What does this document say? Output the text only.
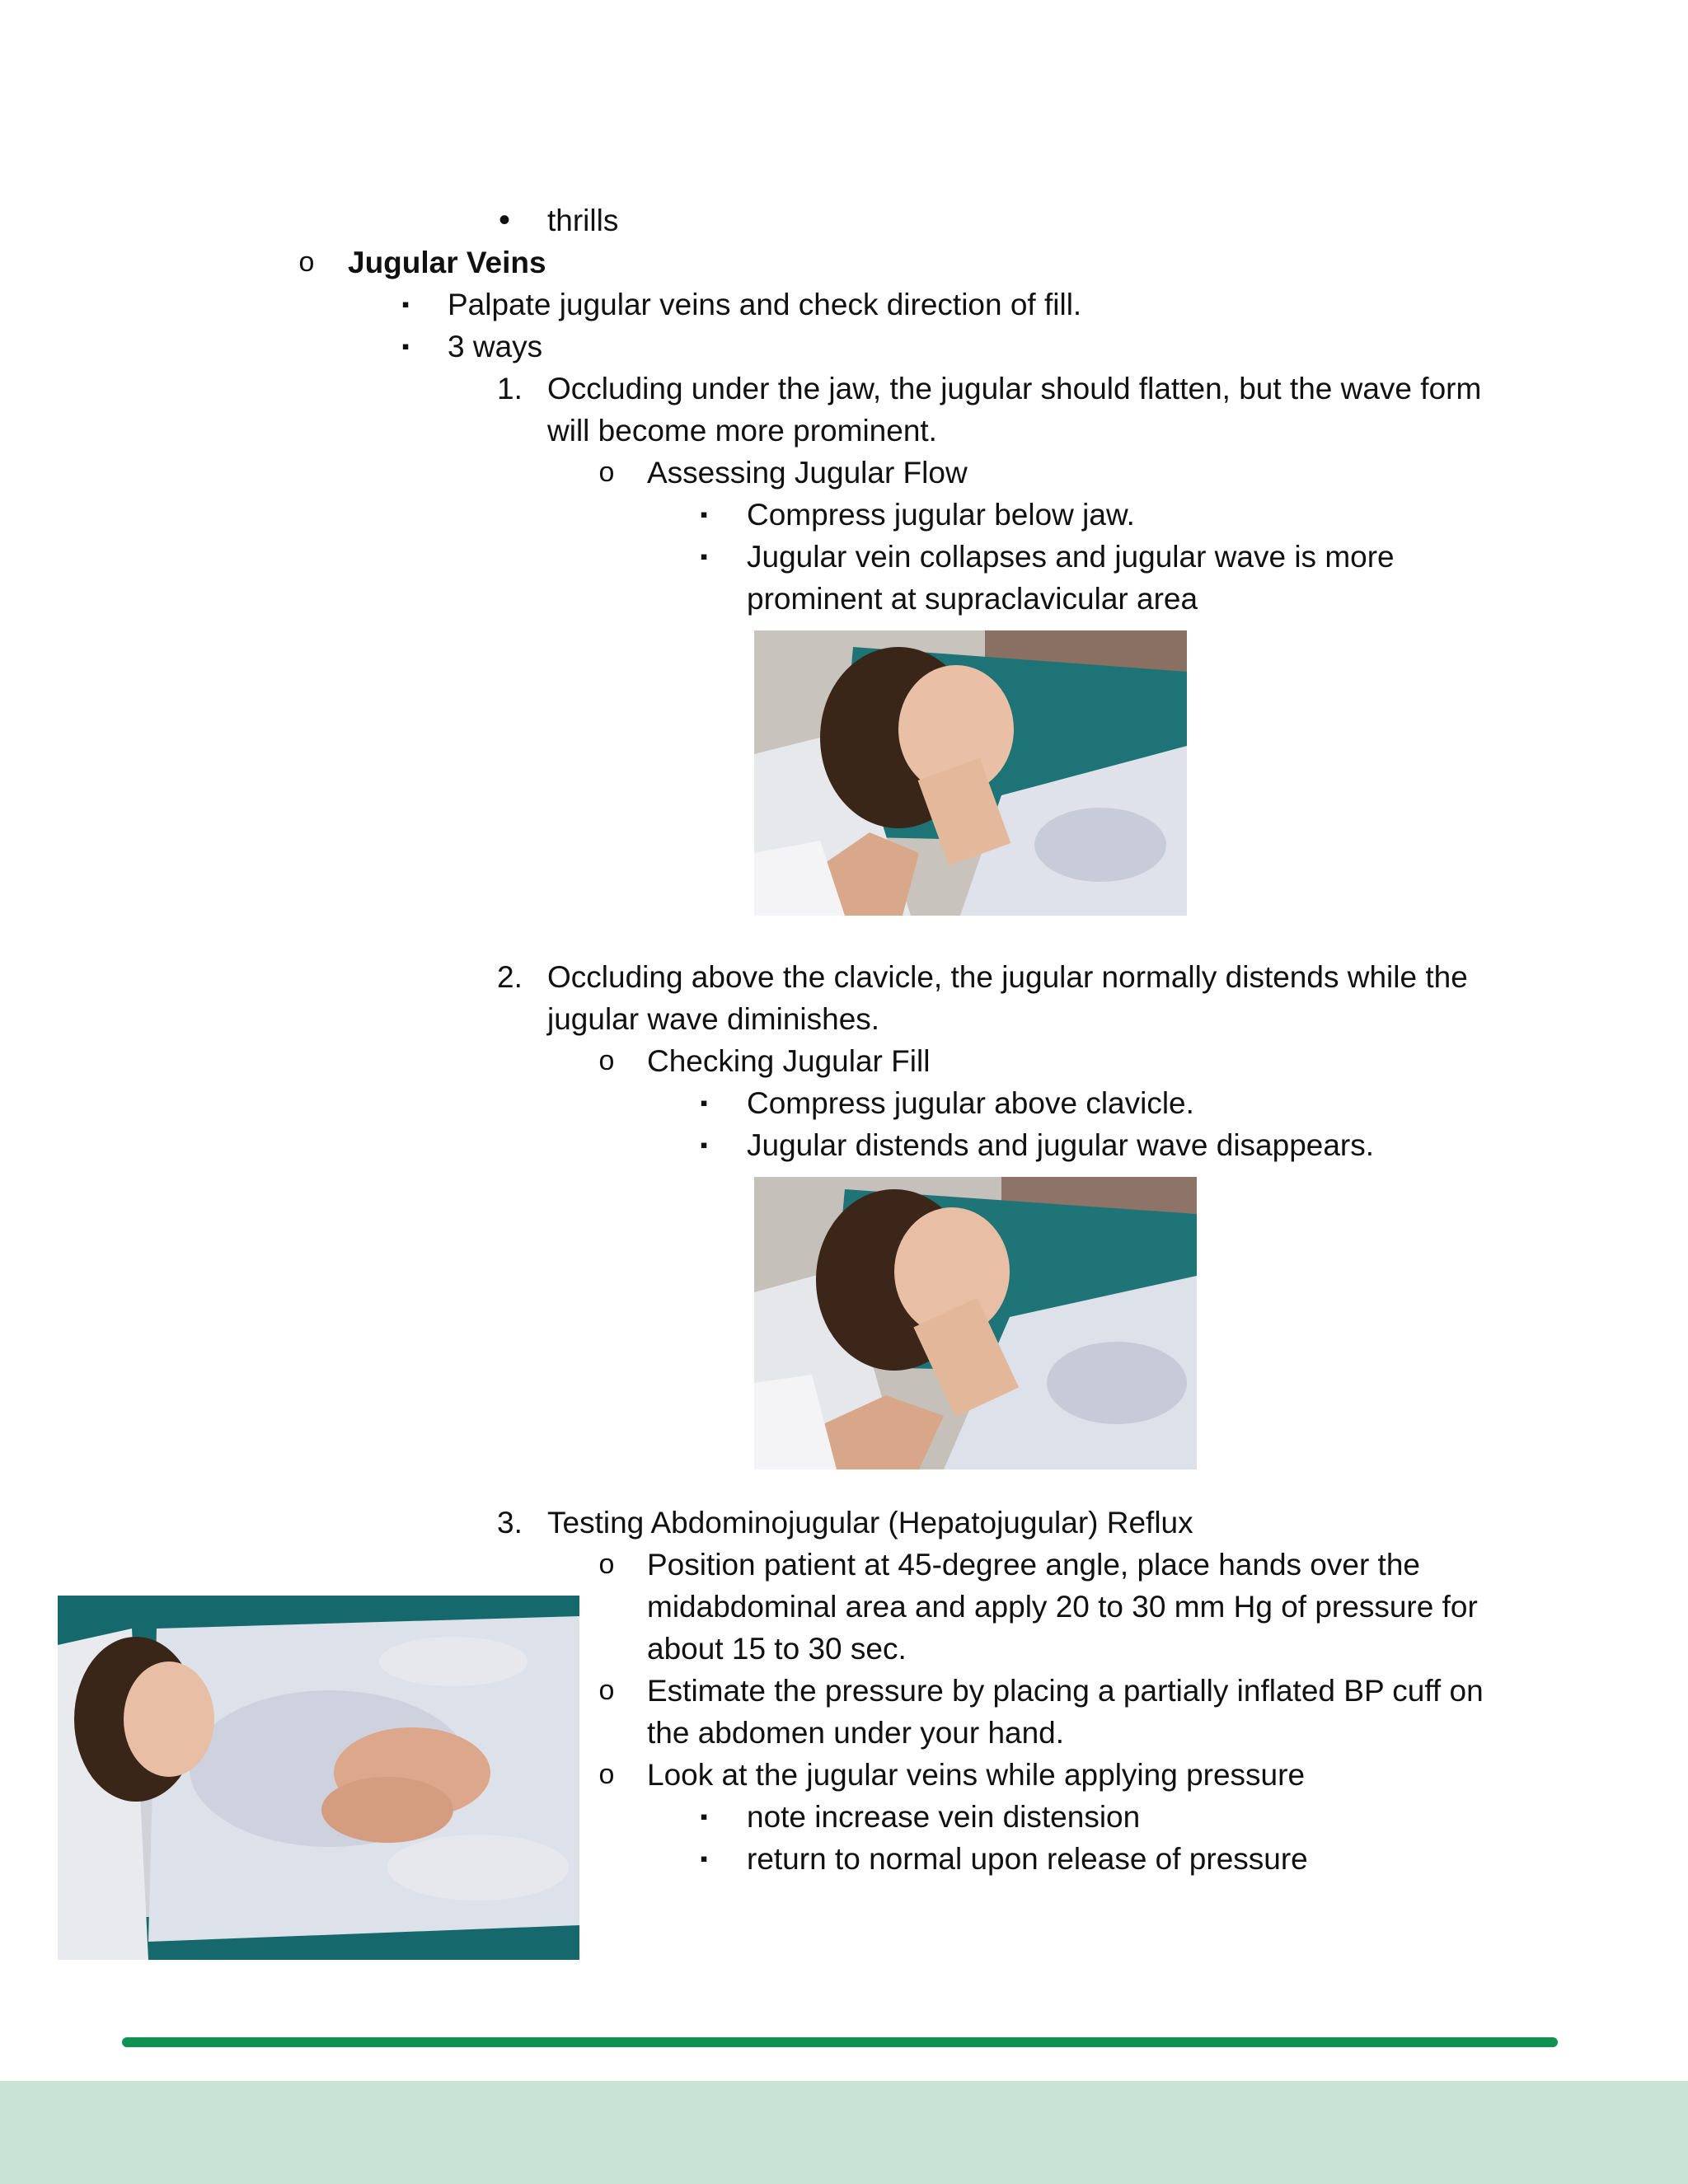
• thrills
o Jugular Veins
▪ Palpate jugular veins and check direction of fill.
▪ 3 ways
1. Occluding under the jaw, the jugular should flatten, but the wave form
will become more prominent.
o Assessing Jugular Flow
▪ Compress jugular below jaw.
▪ Jugular vein collapses and jugular wave is more
prominent at supraclavicular area
2. Occluding above the clavicle, the jugular normally distends while the
jugular wave diminishes.
o Checking Jugular Fill
▪ Compress jugular above clavicle.
▪ Jugular distends and jugular wave disappears.
3. Testing Abdominojugular (Hepatojugular) Reflux
o Position patient at 45-degree angle, place hands over the
midabdominal area and apply 20 to 30 mm Hg of pressure for
about 15 to 30 sec.
o Estimate the pressure by placing a partially inflated BP cuff on
the abdomen under your hand.
o Look at the jugular veins while applying pressure
▪ note increase vein distension
▪ return to normal upon release of pressure
